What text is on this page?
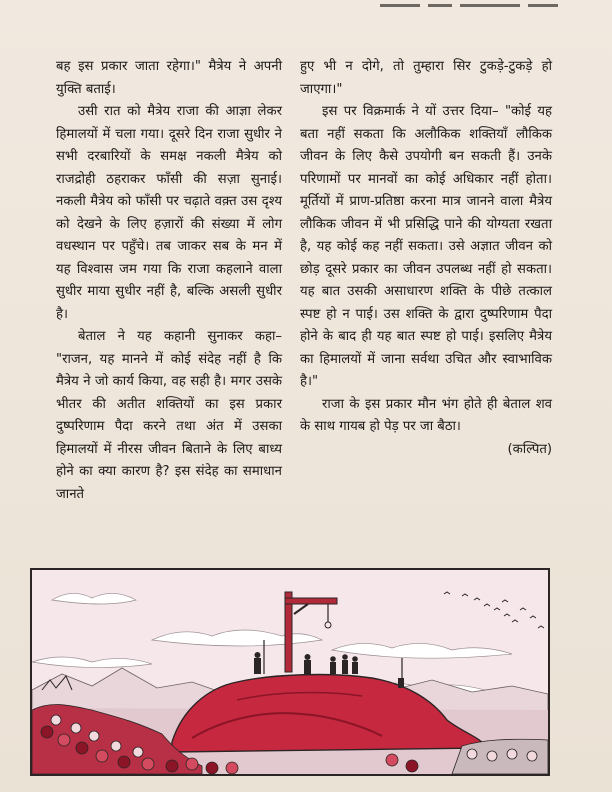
बह इस प्रकार जाता रहेगा।" मैत्रेय ने अपनी युक्ति बताई।

उसी रात को मैत्रेय राजा की आज्ञा लेकर हिमालयों में चला गया। दूसरे दिन राजा सुधीर ने सभी दरबारियों के समक्ष नकली मैत्रेय को राजद्रोही ठहराकर फाँसी की सज़ा सुनाई। नकली मैत्रेय को फाँसी पर चढ़ाते वक़्त उस दृश्य को देखने के लिए हज़ारों की संख्या में लोग वधस्थान पर पहुँचे। तब जाकर सब के मन में यह विश्वास जम गया कि राजा कहलाने वाला सुधीर माया सुधीर नहीं है, बल्कि असली सुधीर है।

बेताल ने यह कहानी सुनाकर कहा– "राजन, यह मानने में कोई संदेह नहीं है कि मैत्रेय ने जो कार्य किया, वह सही है। मगर उसके भीतर की अतीत शक्तियों का इस प्रकार दुष्परिणाम पैदा करने तथा अंत में उसका हिमालयों में नीरस जीवन बिताने के लिए बाध्य होने का क्या कारण है? इस संदेह का समाधान जानते

हुए भी न दोगे, तो तुम्हारा सिर टुकड़े-टुकड़े हो जाएगा।"

इस पर विक्रमार्क ने यों उत्तर दिया– "कोई यह बता नहीं सकता कि अलौकिक शक्तियाँ लौकिक जीवन के लिए कैसे उपयोगी बन सकती हैं। उनके परिणामों पर मानवों का कोई अधिकार नहीं होता। मूर्तियों में प्राण-प्रतिष्ठा करना मात्र जानने वाला मैत्रेय लौकिक जीवन में भी प्रसिद्धि पाने की योग्यता रखता है, यह कोई कह नहीं सकता। उसे अज्ञात जीवन को छोड़ दूसरे प्रकार का जीवन उपलब्ध नहीं हो सकता। यह बात उसकी असाधारण शक्ति के पीछे तत्काल स्पष्ट हो न पाई। उस शक्ति के द्वारा दुष्परिणाम पैदा होने के बाद ही यह बात स्पष्ट हो पाई। इसलिए मैत्रेय का हिमालयों में जाना सर्वथा उचित और स्वाभाविक है।"

राजा के इस प्रकार मौन भंग होते ही बेताल शव के साथ गायब हो पेड़ पर जा बैठा।

(कल्पित)
